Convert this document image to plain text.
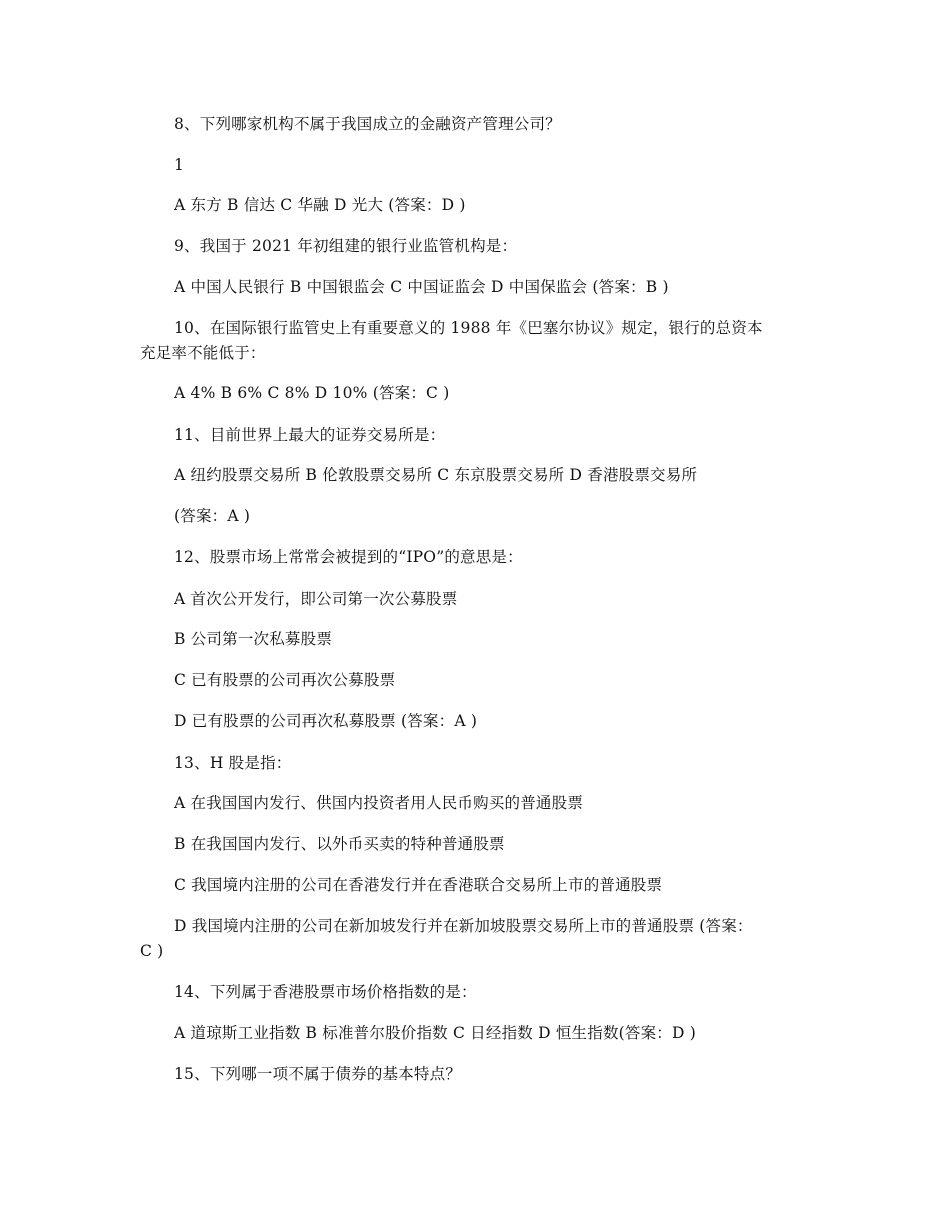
8、下列哪家机构不属于我国成立的金融资产管理公司？
1
A 东方 B 信达 C 华融 D 光大 (答案：D )
9、我国于 2021 年初组建的银行业监管机构是：
A 中国人民银行 B 中国银监会 C 中国证监会 D 中国保监会 (答案：B )
10、在国际银行监管史上有重要意义的 1988 年《巴塞尔协议》规定，银行的总资本
充足率不能低于：
A 4% B 6% C 8% D 10% (答案：C )
11、目前世界上最大的证券交易所是：
A 纽约股票交易所 B 伦敦股票交易所 C 东京股票交易所 D 香港股票交易所
(答案：A )
12、股票市场上常常会被提到的“IPO”的意思是：
A 首次公开发行，即公司第一次公募股票
B 公司第一次私募股票
C 已有股票的公司再次公募股票
D 已有股票的公司再次私募股票 (答案：A )
13、H 股是指：
A 在我国国内发行、供国内投资者用人民币购买的普通股票
B 在我国国内发行、以外币买卖的特种普通股票
C 我国境内注册的公司在香港发行并在香港联合交易所上市的普通股票
D 我国境内注册的公司在新加坡发行并在新加坡股票交易所上市的普通股票 (答案：
C )
14、下列属于香港股票市场价格指数的是：
A 道琼斯工业指数 B 标准普尔股价指数 C 日经指数 D 恒生指数(答案：D )
15、下列哪一项不属于债券的基本特点？
